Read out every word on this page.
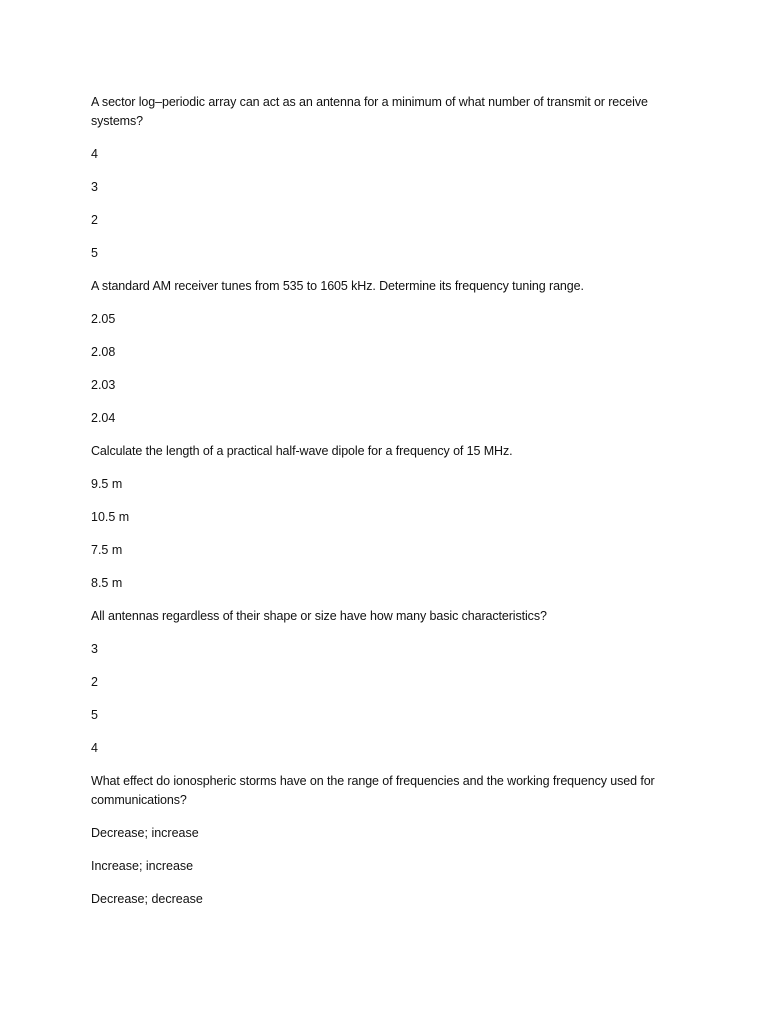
A sector log–periodic array can act as an antenna for a minimum of what number of transmit or receive systems?

4
3
2
5

A standard AM receiver tunes from 535 to 1605 kHz. Determine its frequency tuning range.

2.05
2.08
2.03
2.04

Calculate the length of a practical half-wave dipole for a frequency of 15 MHz.

9.5 m
10.5 m
7.5 m
8.5 m

All antennas regardless of their shape or size have how many basic characteristics?

3
2
5
4

What effect do ionospheric storms have on the range of frequencies and the working frequency used for communications?

Decrease; increase
Increase; increase
Decrease; decrease
